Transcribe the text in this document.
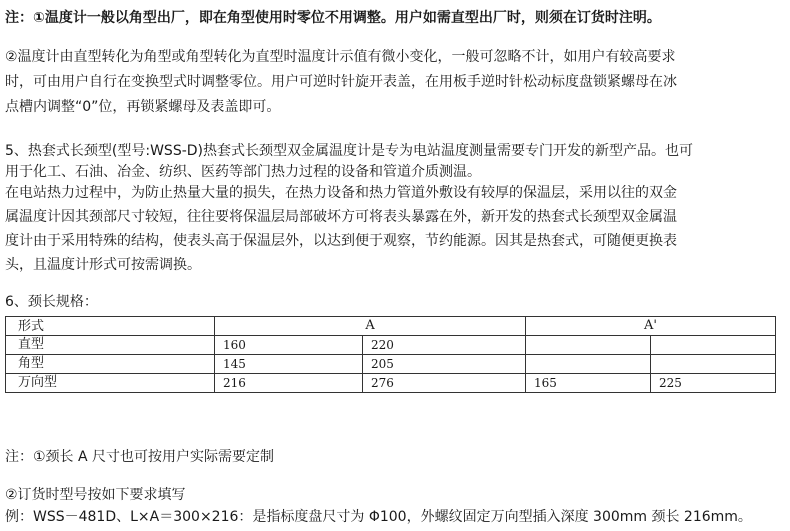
注：①温度计一般以角型出厂，即在角型使用时零位不用调整。用户如需直型出厂时，则须在订货时注明。
②温度计由直型转化为角型或角型转化为直型时温度计示值有微小变化，一般可忽略不计，如用户有较高要求
时，可由用户自行在变换型式时调整零位。用户可逆时针旋开表盖，在用板手逆时针松动标度盘锁紧螺母在冰
点槽内调整“0”位，再锁紧螺母及表盖即可。
5、热套式长颈型(型号:WSS-D)热套式长颈型双金属温度计是专为电站温度测量需要专门开发的新型产品。也可
用于化工、石油、冶金、纺织、医药等部门热力过程的设备和管道介质测温。
在电站热力过程中，为防止热量大量的损失，在热力设备和热力管道外敷设有较厚的保温层，采用以往的双金
属温度计因其颈部尺寸较短，往往要将保温层局部破坏方可将表头暴露在外，新开发的热套式长颈型双金属温
度计由于采用特殊的结构，使表头高于保温层外，以达到便于观察，节约能源。因其是热套式，可随便更换表
头，且温度计形式可按需调换。
6、颈长规格：
形式	A		A'	
直型	160	220		
角型	145	205		
万向型	216	276	165	225
注：①颈长 A 尺寸也可按用户实际需要定制
②订货时型号按如下要求填写
例：WSS－481D、L×A＝300×216：是指标度盘尺寸为 Φ100，外螺纹固定万向型插入深度 300mm 颈长 216mm。
